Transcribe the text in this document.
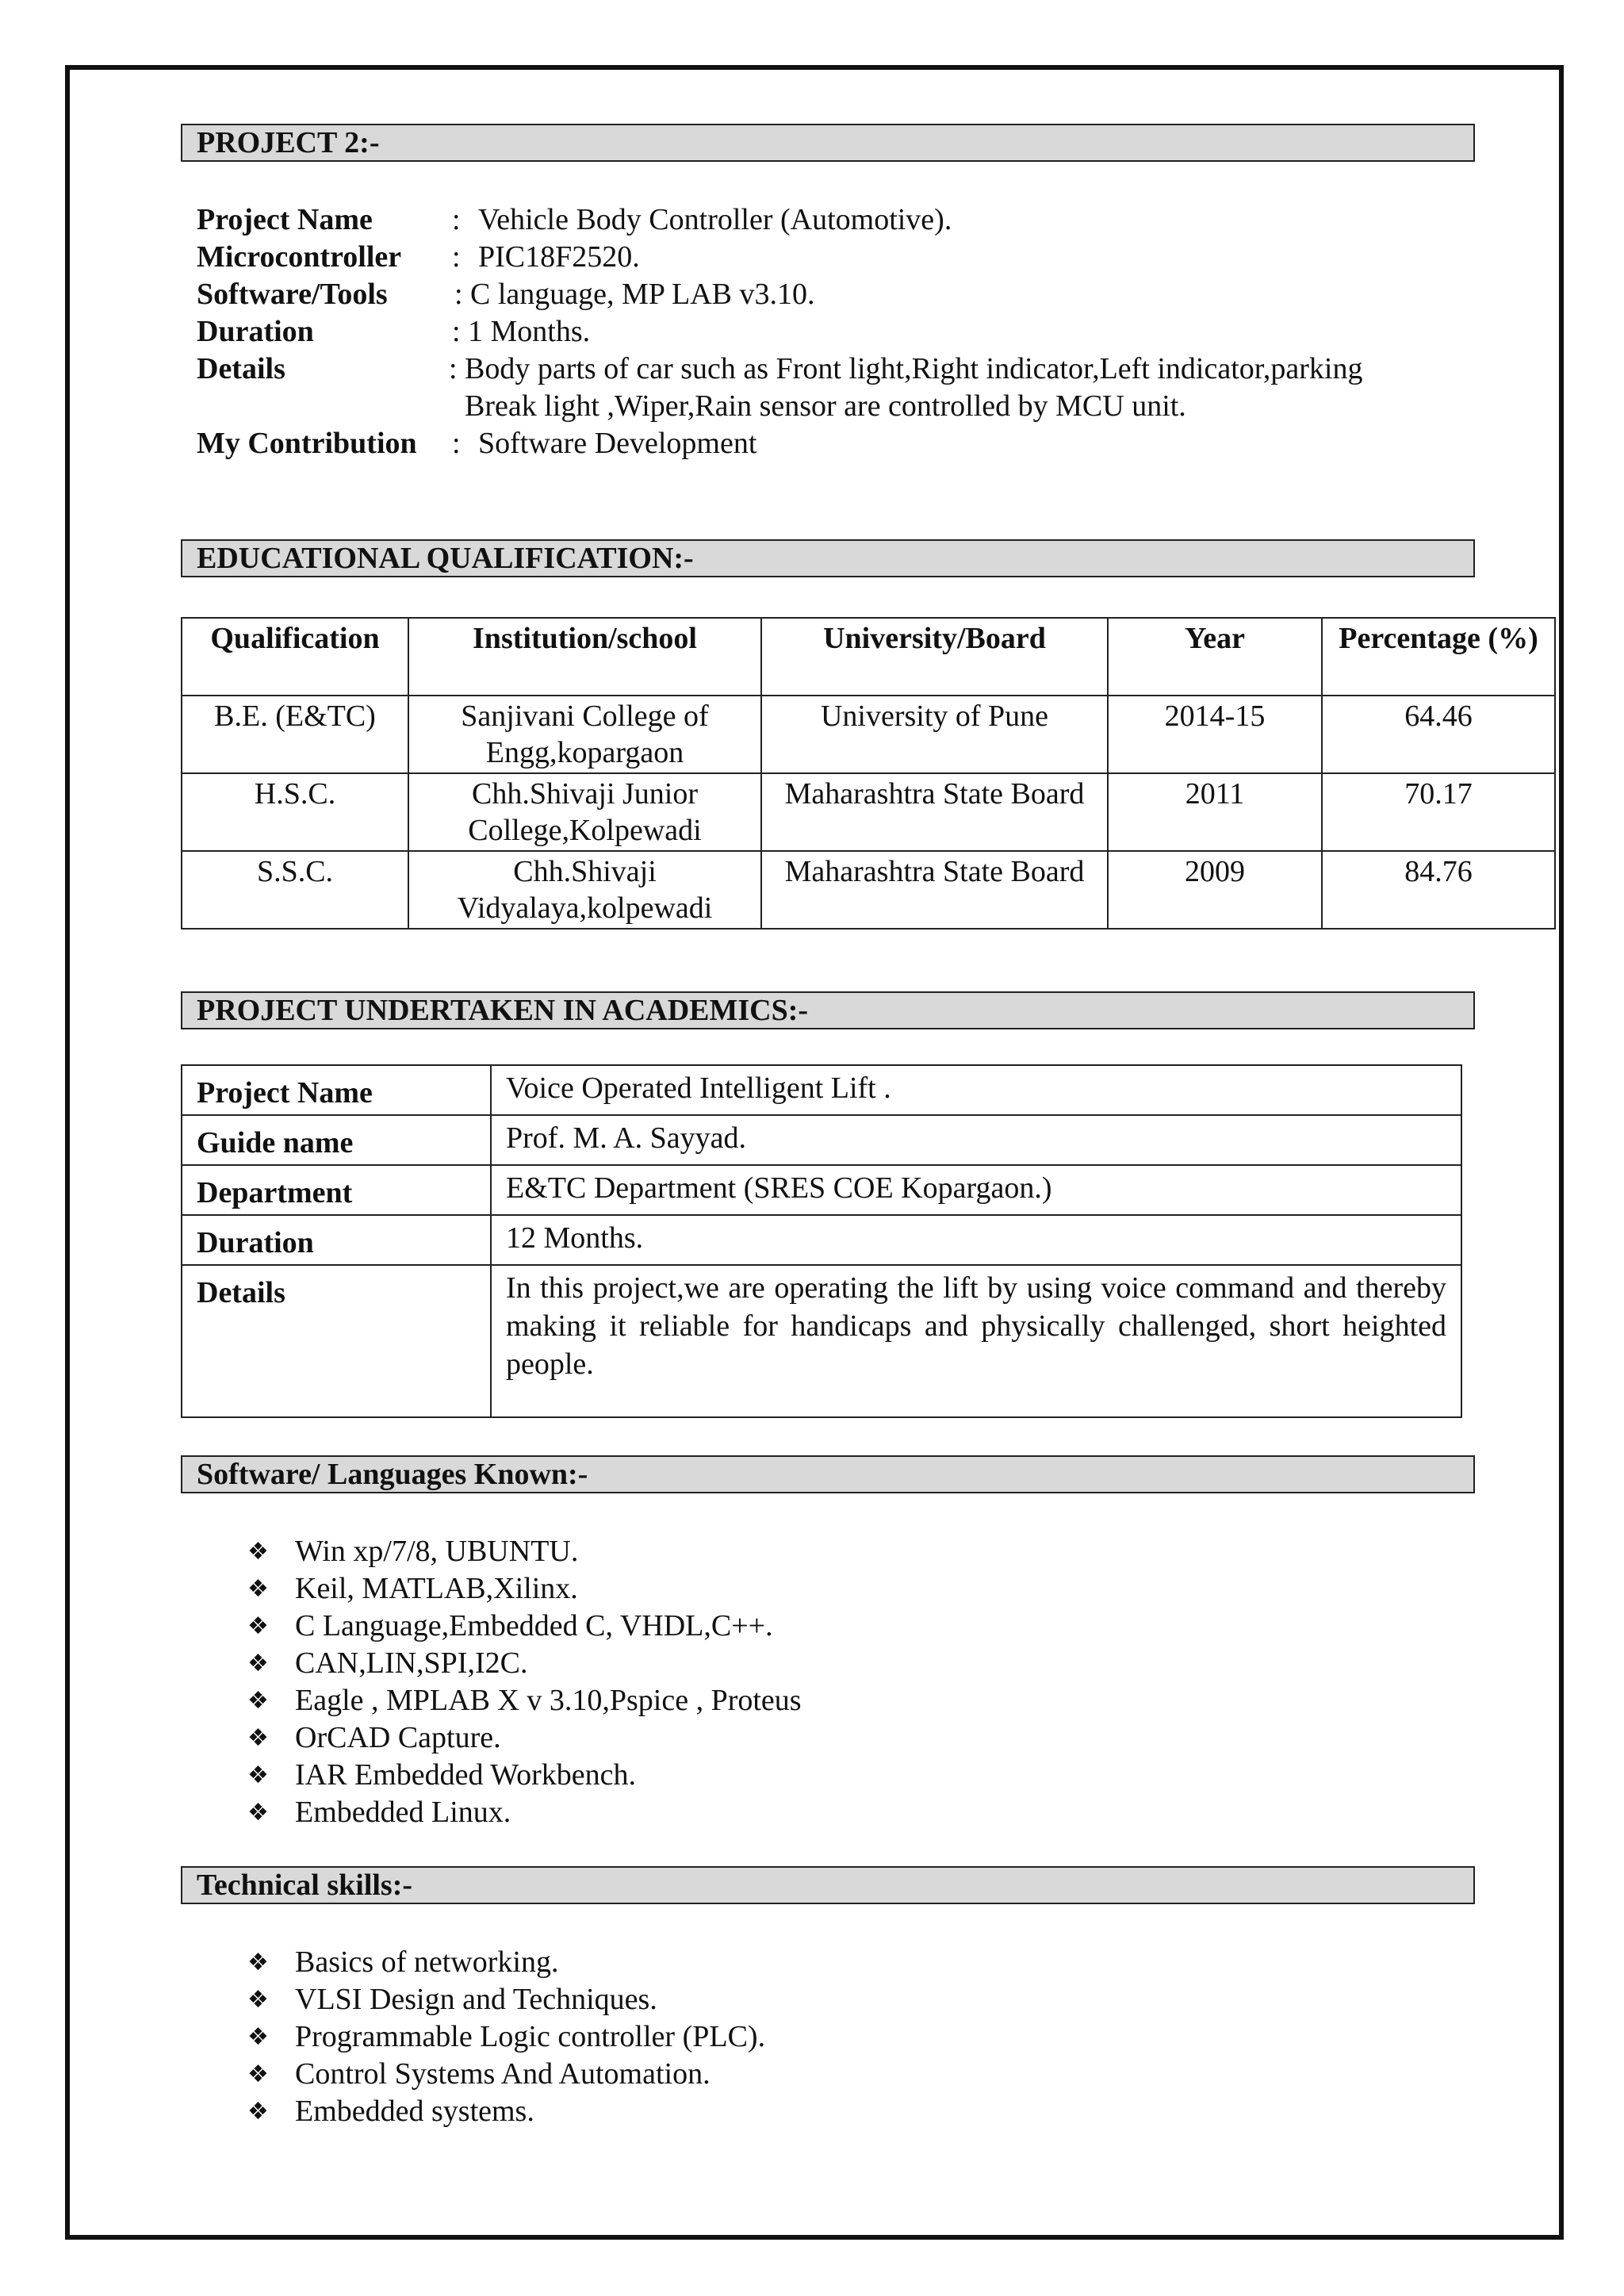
PROJECT 2:-
Project Name	: Vehicle Body Controller (Automotive).
Microcontroller : PIC18F2520.
Software/Tools : C language, MP LAB v3.10.
Duration	: 1 Months.
Details	: Body parts of car such as Front light,Right indicator,Left indicator,parking
Break light ,Wiper,Rain sensor are controlled by MCU unit.
My Contribution : Software Development
EDUCATIONAL QUALIFICATION:-
Qualification	Institution/school	University/Board	Year	Percentage (%)
B.E. (E&TC)	Sanjivani College of Engg,kopargaon	University of Pune	2014-15	64.46
H.S.C.	Chh.Shivaji Junior College,Kolpewadi	Maharashtra State Board	2011	70.17
S.S.C.	Chh.Shivaji Vidyalaya,kolpewadi	Maharashtra State Board	2009	84.76
PROJECT UNDERTAKEN IN ACADEMICS:-
Project Name	Voice Operated Intelligent Lift .
Guide name	Prof. M. A. Sayyad.
Department	E&TC Department (SRES COE Kopargaon.)
Duration	12 Months.
Details	In this project,we are operating the lift by using voice command and thereby making it reliable for handicaps and physically challenged, short heighted people.
Software/ Languages Known:-
❖ Win xp/7/8, UBUNTU.
❖ Keil, MATLAB,Xilinx.
❖ C Language,Embedded C, VHDL,C++.
❖ CAN,LIN,SPI,I2C.
❖ Eagle , MPLAB X v 3.10,Pspice , Proteus
❖ OrCAD Capture.
❖ IAR Embedded Workbench.
❖ Embedded Linux.
Technical skills:-
❖ Basics of networking.
❖ VLSI Design and Techniques.
❖ Programmable Logic controller (PLC).
❖ Control Systems And Automation.
❖ Embedded systems.
